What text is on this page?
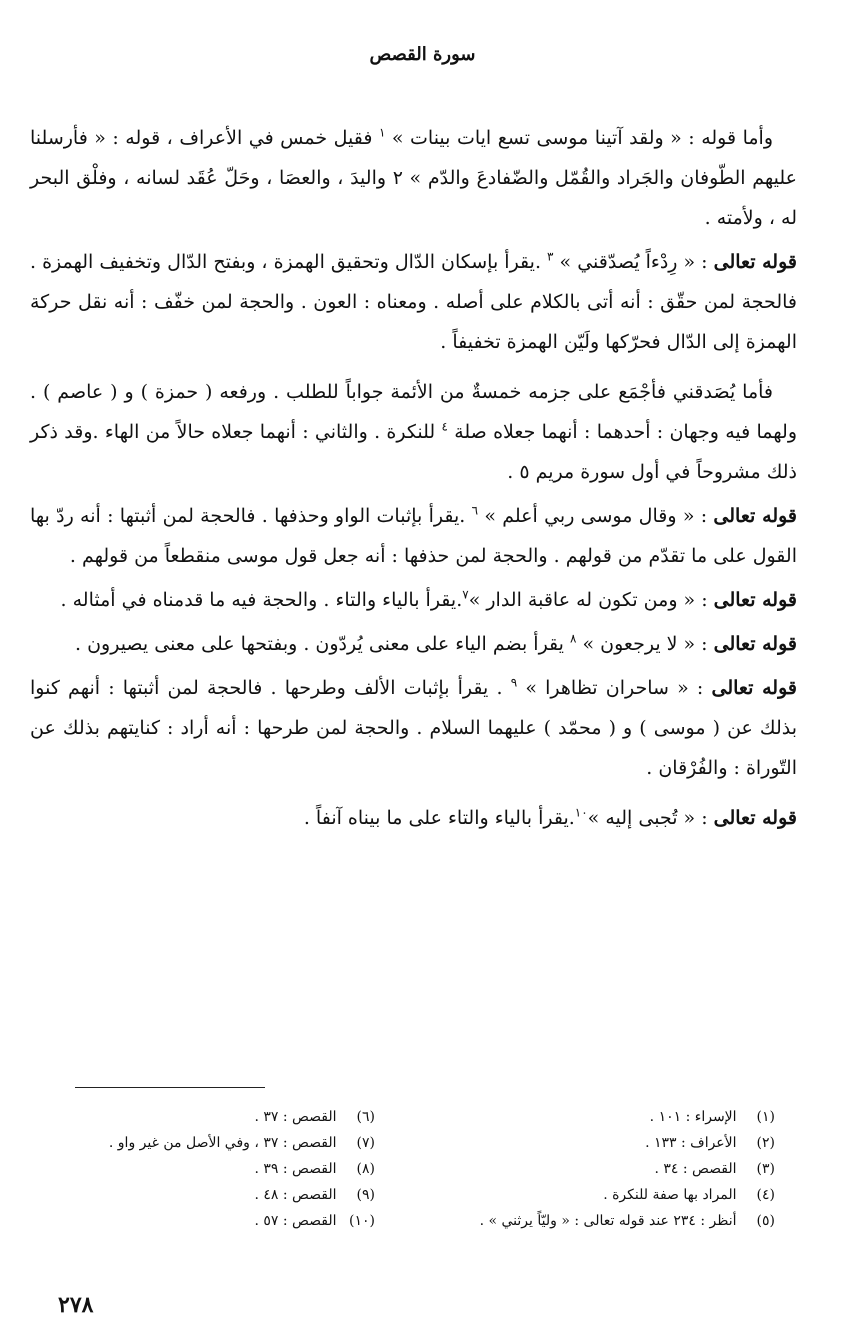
سورة القصص

وأما قوله : « ولقد آتينا موسى تسع ايات بينات » $^١$ فقيل خمس في الأعراف ، قوله : « فأرسلنا عليهم الطّوفان والجَراد والقُمّل والضّفادعَ والدّم » ٢ واليدَ ، والعصَا ، وحَلّ عُقَد لسانه ، وفلْق البحر له ، ولأمته .

قوله تعالى : « رِدْءاً يُصدّقني » $^٣$ .يقرأ بإسكان الدّال وتحقيق الهمزة ، وبفتح الدّال وتخفيف الهمزة . فالحجة لمن حقّق : أنه أتى بالكلام على أصله . ومعناه : العون . والحجة لمن خفّف : أنه نقل حركة الهمزة إلى الدّال فحرّكها ولَيّن الهمزة تخفيفاً .

فأما يُصَدقني فأجْمَع على جزمه خمسةٌ من الأئمة جواباً للطلب . ورفعه ( حمزة ) و ( عاصم ) . ولهما فيه وجهان : أحدهما : أنهما جعلاه صلة $^٤$ للنكرة . والثاني : أنهما جعلاه حالاً من الهاء .وقد ذكر ذلك مشروحاً في أول سورة مريم ٥ .

قوله تعالى : « وقال موسى ربي أعلم » $^٦$ .يقرأ بإثبات الواو وحذفها . فالحجة لمن أثبتها : أنه ردّ بها القول على ما تقدّم من قولهم . والحجة لمن حذفها : أنه جعل قول موسى منقطعاً من قولهم .

قوله تعالى : « ومن تكون له عاقبة الدار »$^٧$.يقرأ بالياء والتاء . والحجة فيه ما قدمناه في أمثاله .

قوله تعالى : « لا يرجعون » $^٨$ يقرأ بضم الياء على معنى يُردّون . وبفتحها على معنى يصيرون .

قوله تعالى : « ساحران تظاهرا » $^٩$ . يقرأ بإثبات الألف وطرحها . فالحجة لمن أثبتها : أنهم كنوا بذلك عن ( موسى ) و ( محمّد ) عليهما السلام . والحجة لمن طرحها : أنه أراد : كنايتهم بذلك عن التّوراة : والفُرْقان .

قوله تعالى : « تُجبى إليه »$^{١٠}$.يقرأ بالياء والتاء على ما بيناه آنفاً .

(١) الإسراء : ١٠١ .
(٢) الأعراف : ١٣٣ .
(٣) القصص : ٣٤ .
(٤) المراد بها صفة للنكرة .
(٥) أنظر : ٢٣٤ عند قوله تعالى : « وليّاً يرثني » .
(٦) القصص : ٣٧ .
(٧) القصص : ٣٧ ، وفي الأصل من غير واو .
(٨) القصص : ٣٩ .
(٩) القصص : ٤٨ .
(١٠) القصص : ٥٧ .
٢٧٨
